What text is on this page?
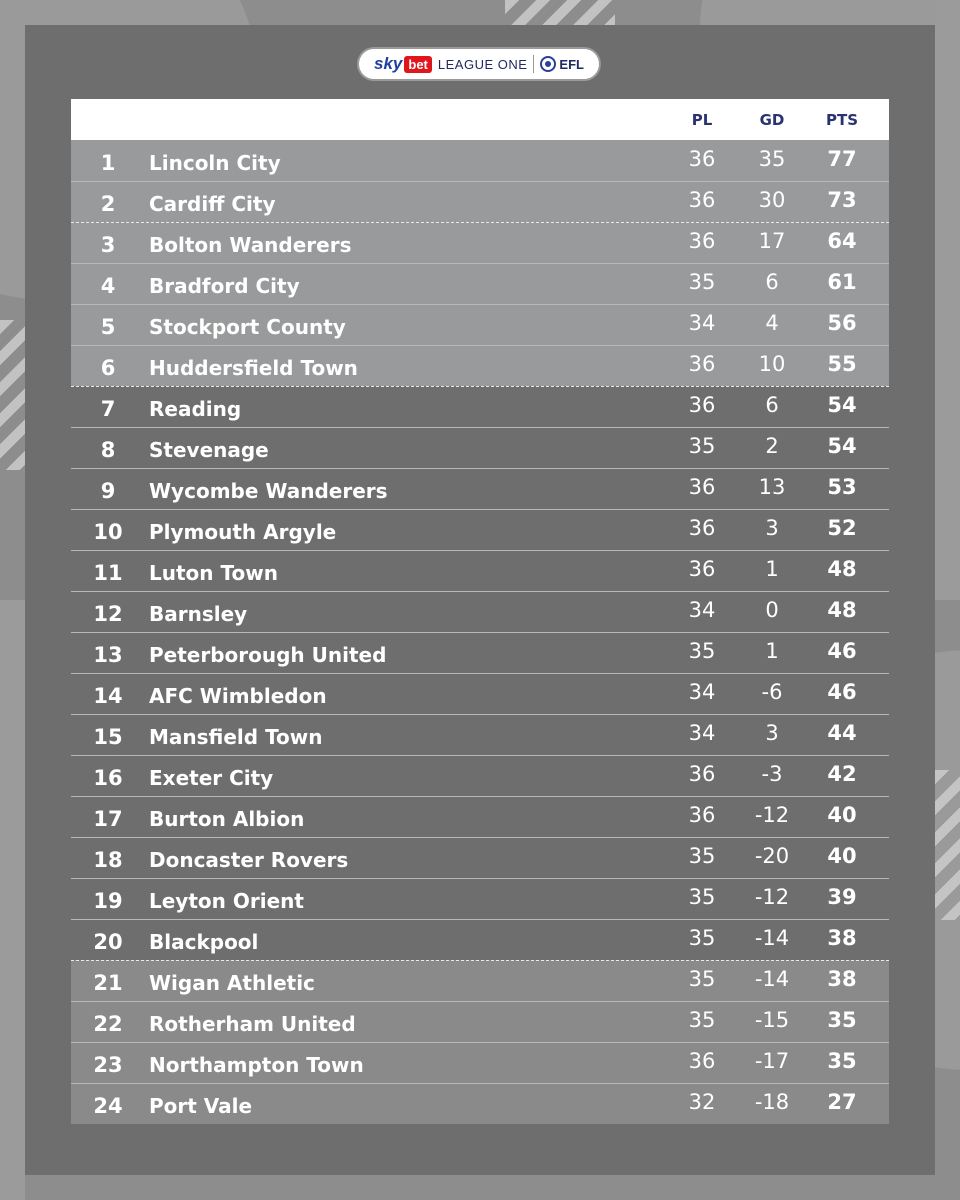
sky bet LEAGUE ONE EFL
PL	GD	PTS
1	Lincoln City	36	35	77
2	Cardiff City	36	30	73
3	Bolton Wanderers	36	17	64
4	Bradford City	35	6	61
5	Stockport County	34	4	56
6	Huddersfield Town	36	10	55
7	Reading	36	6	54
8	Stevenage	35	2	54
9	Wycombe Wanderers	36	13	53
10	Plymouth Argyle	36	3	52
11	Luton Town	36	1	48
12	Barnsley	34	0	48
13	Peterborough United	35	1	46
14	AFC Wimbledon	34	-6	46
15	Mansfield Town	34	3	44
16	Exeter City	36	-3	42
17	Burton Albion	36	-12	40
18	Doncaster Rovers	35	-20	40
19	Leyton Orient	35	-12	39
20	Blackpool	35	-14	38
21	Wigan Athletic	35	-14	38
22	Rotherham United	35	-15	35
23	Northampton Town	36	-17	35
24	Port Vale	32	-18	27
